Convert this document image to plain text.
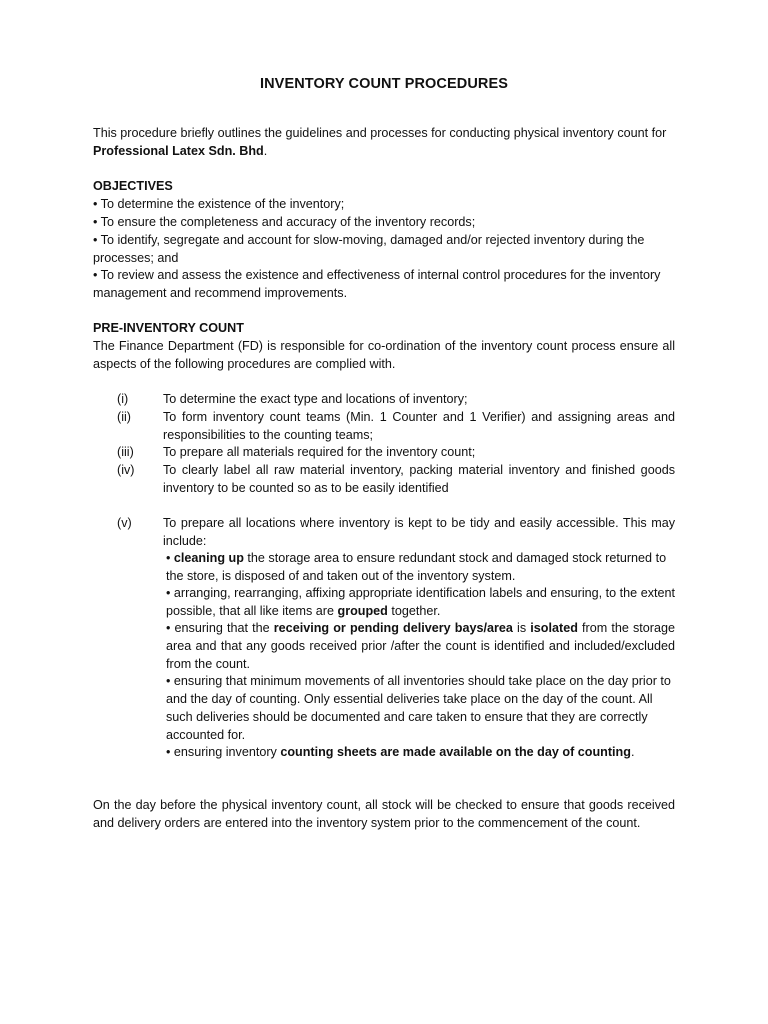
INVENTORY COUNT PROCEDURES

This procedure briefly outlines the guidelines and processes for conducting physical inventory count for Professional Latex Sdn. Bhd.

OBJECTIVES
• To determine the existence of the inventory;
• To ensure the completeness and accuracy of the inventory records;
• To identify, segregate and account for slow-moving, damaged and/or rejected inventory during the processes; and
• To review and assess the existence and effectiveness of internal control procedures for the inventory management and recommend improvements.
PRE-INVENTORY COUNT
The Finance Department (FD) is responsible for co-ordination of the inventory count process ensure all aspects of the following procedures are complied with.
(i)	To determine the exact type and locations of inventory;
(ii)	To form inventory count teams (Min. 1 Counter and 1 Verifier) and assigning areas and responsibilities to the counting teams;
(iii) To prepare all materials required for the inventory count;
(iv) To clearly label all raw material inventory, packing material inventory and finished goods inventory to be counted so as to be easily identified
(v) To prepare all locations where inventory is kept to be tidy and easily accessible. This may include:

• cleaning up the storage area to ensure redundant stock and damaged stock returned to the store, is disposed of and taken out of the inventory system.

• arranging, rearranging, affixing appropriate identification labels and ensuring, to the extent possible, that all like items are grouped together.

• ensuring that the receiving or pending delivery bays/area is isolated from the storage area and that any goods received prior /after the count is identified and included/excluded from the count.

• ensuring that minimum movements of all inventories should take place on the day prior to and the day of counting. Only essential deliveries take place on the day of the count. All such deliveries should be documented and care taken to ensure that they are correctly accounted for.

• ensuring inventory counting sheets are made available on the day of counting.

On the day before the physical inventory count, all stock will be checked to ensure that goods received and delivery orders are entered into the inventory system prior to the commencement of the count.
